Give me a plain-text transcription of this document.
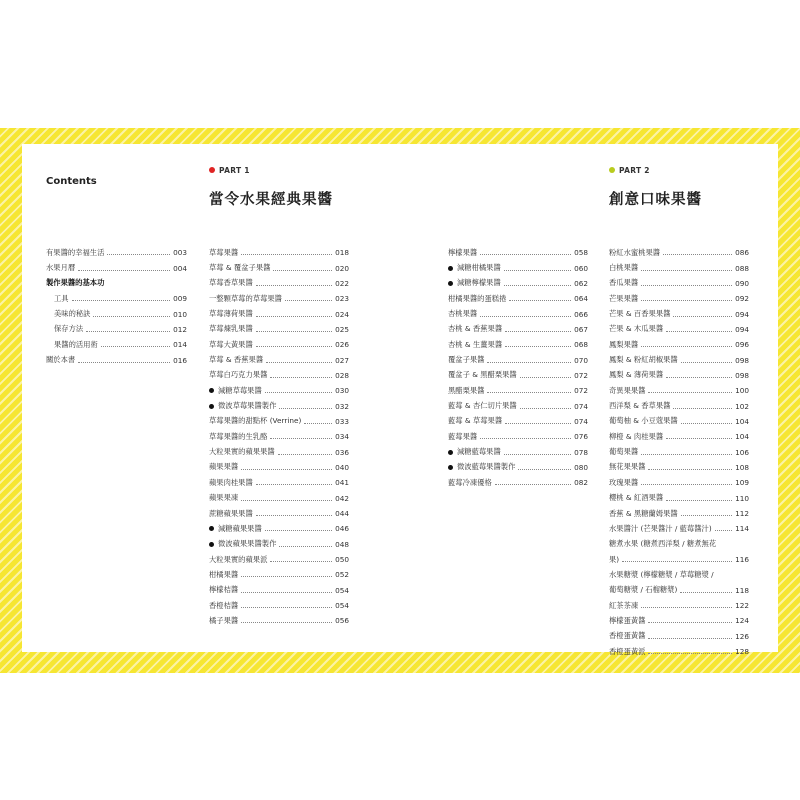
Contents
PART 1
當令水果經典果醬
PART 2
創意口味果醬
有果醬的幸福生活	003
水果月曆	004
製作果醬的基本功
工具	009
美味的秘訣	010
保存方法	012
果醬的活用術	014
關於本書	016
草莓果醬	018
草莓 & 覆盆子果醬	020
草莓香草果醬	022
一整顆草莓的草莓果醬	023
草莓薄荷果醬	024
草莓煉乳果醬	025
草莓大黃果醬	026
草莓 & 香蕉果醬	027
草莓白巧克力果醬	028
減糖草莓果醬	030
微波草莓果醬製作	032
草莓果醬的甜點杯 (Verrine)	033
草莓果醬的生乳酪	034
大粒果實的蘋果果醬	036
蘋果果醬	040
蘋果肉桂果醬	041
蘋果果凍	042
蔗糖蘋果果醬	044
減糖蘋果果醬	046
微波蘋果果醬製作	048
大粒果實的蘋果派	050
柑橘果醬	052
檸檬桔醬	054
香橙桔醬	054
橘子果醬	056
檸檬果醬	058
減糖柑橘果醬	060
減糖檸檬果醬	062
柑橘果醬的蛋糕捲	064
杏桃果醬	066
杏桃 & 香蕉果醬	067
杏桃 & 生薑果醬	068
覆盆子果醬	070
覆盆子 & 黑醋栗果醬	072
黑醋栗果醬	072
藍莓 & 杏仁切片果醬	074
藍莓 & 草莓果醬	074
藍莓果醬	076
減糖藍莓果醬	078
微波藍莓果醬製作	080
藍莓冷凍優格	082
粉紅水蜜桃果醬	086
白桃果醬	088
香瓜果醬	090
芒果果醬	092
芒果 & 百香果果醬	094
芒果 & 木瓜果醬	094
鳳梨果醬	096
鳳梨 & 粉紅胡椒果醬	098
鳳梨 & 薄荷果醬	098
奇異果果醬	100
西洋梨 & 香草果醬	102
葡萄柚 & 小豆蔻果醬	104
柳橙 & 肉桂果醬	104
葡萄果醬	106
無花果果醬	108
玫瑰果醬	109
櫻桃 & 紅酒果醬	110
香蕉 & 黑糖蘭姆果醬	112
水果醬汁 (芒果醬汁 / 藍莓醬汁)	114
糖煮水果 (糖煮西洋梨 / 糖煮無花
果)	116
水果糖漿 (檸檬糖漿 / 草莓糖漿 /
葡萄糖漿 / 石榴糖漿)	118
紅茶茶凍	122
檸檬蛋黃醬	124
香橙蛋黃醬	126
香橙蛋黃派	128
